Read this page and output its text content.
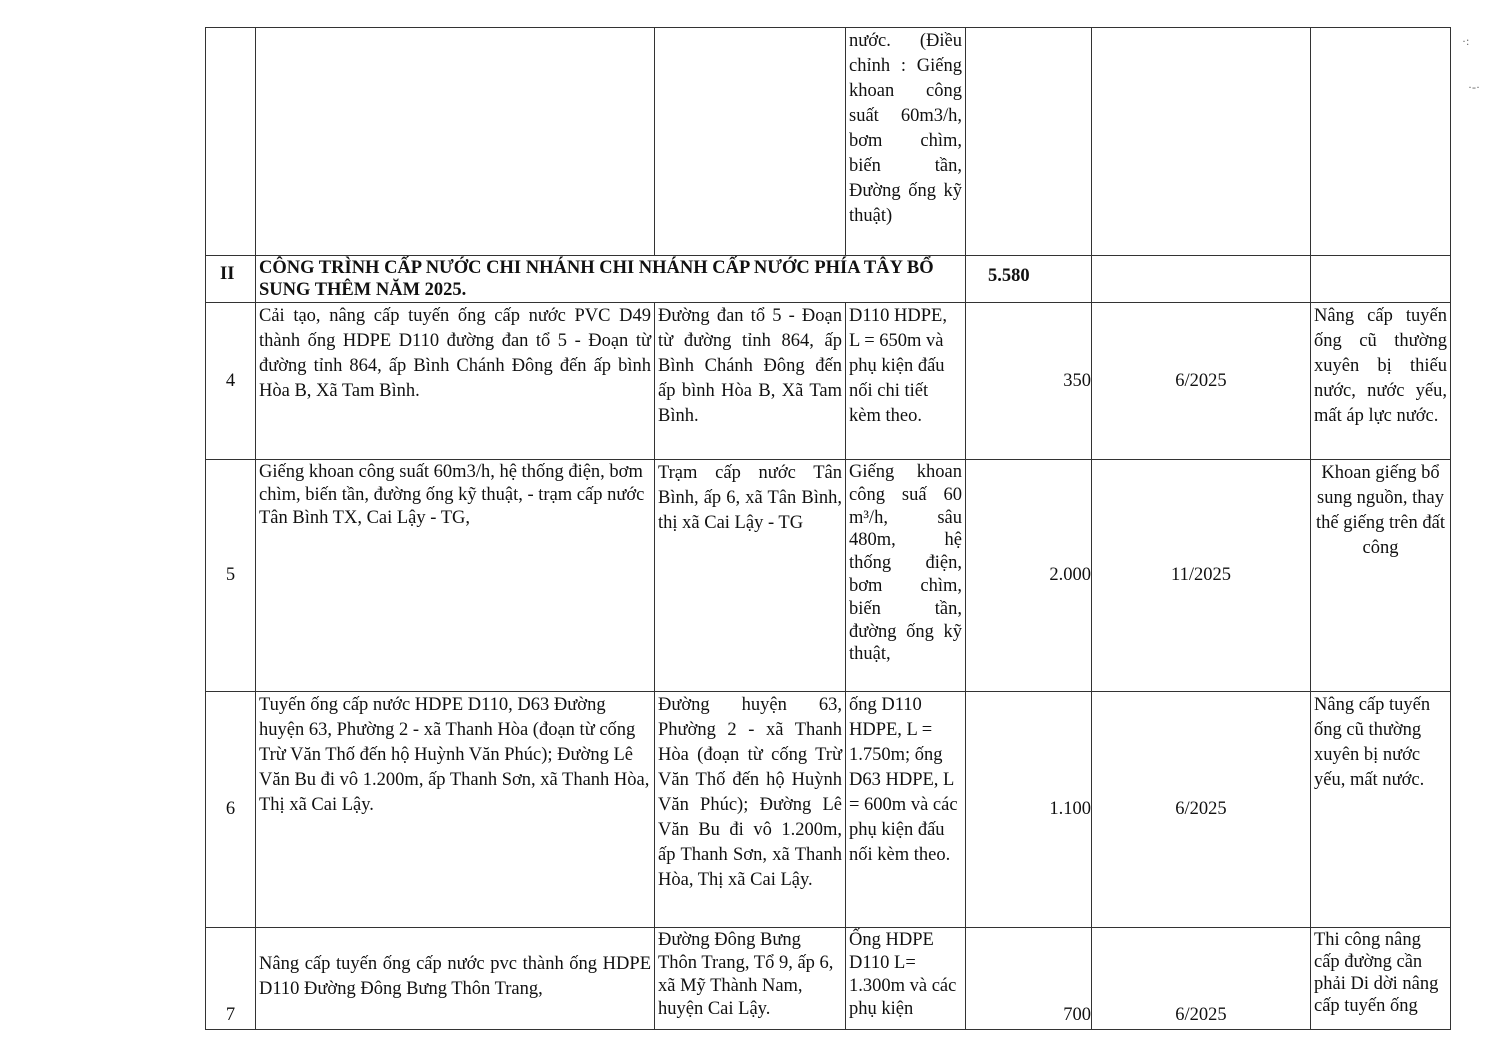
·:
·-·
			nước. (Điều chỉnh : Giếng khoan công suất 60m3/h, bơm chìm, biến tần, Đường ống kỹ thuật)			
II	CÔNG TRÌNH CẤP NƯỚC CHI NHÁNH CHI NHÁNH CẤP NƯỚC PHÍA TÂY BỔ SUNG THÊM NĂM 2025.			5.580		
4	Cải tạo, nâng cấp tuyến ống cấp nước PVC D49 thành ống HDPE D110 đường đan tổ 5 - Đoạn từ đường tỉnh 864, ấp Bình Chánh Đông đến ấp bình Hòa B, Xã Tam Bình.	Đường đan tổ 5 - Đoạn từ đường tỉnh 864, ấp Bình Chánh Đông đến ấp bình Hòa B, Xã Tam Bình.	D110 HDPE, L = 650m và phụ kiện đấu nối chi tiết kèm theo.	350	6/2025	Nâng cấp tuyến ống cũ thường xuyên bị thiếu nước, nước yếu, mất áp lực nước.
5	Giếng khoan công suất 60m3/h, hệ thống điện, bơm chìm, biến tần, đường ống kỹ thuật, - trạm cấp nước Tân Bình TX, Cai Lậy - TG,	Trạm cấp nước Tân Bình, ấp 6, xã Tân Bình, thị xã Cai Lậy - TG	Giếng khoan công suấ 60 m³/h, sâu 480m, hệ thống điện, bơm chìm, biến tần, đường ống kỹ thuật,	2.000	11/2025	Khoan giếng bổ sung nguồn, thay thế giếng trên đất công
6	Tuyến ống cấp nước HDPE D110, D63 Đường huyện 63, Phường 2 - xã Thanh Hòa (đoạn từ cống Trừ Văn Thố đến hộ Huỳnh Văn Phúc); Đường Lê Văn Bu đi vô 1.200m, ấp Thanh Sơn, xã Thanh Hòa, Thị xã Cai Lậy.	Đường huyện 63, Phường 2 - xã Thanh Hòa (đoạn từ cống Trừ Văn Thố đến hộ Huỳnh Văn Phúc); Đường Lê Văn Bu đi vô 1.200m, ấp Thanh Sơn, xã Thanh Hòa, Thị xã Cai Lậy.	ống D110 HDPE, L = 1.750m; ống D63 HDPE, L = 600m và các phụ kiện đấu nối kèm theo.	1.100	6/2025	Nâng cấp tuyến ống cũ thường xuyên bị nước yếu, mất nước.
7	Nâng cấp tuyến ống cấp nước pvc thành ống HDPE D110 Đường Đông Bưng Thôn Trang,	Đường Đông Bưng Thôn Trang, Tổ 9, ấp 6, xã Mỹ Thành Nam, huyện Cai Lậy.	Ống HDPE D110 L= 1.300m và các phụ kiện	700	6/2025	Thi công nâng cấp đường cần phải Di dời nâng cấp tuyến ống
